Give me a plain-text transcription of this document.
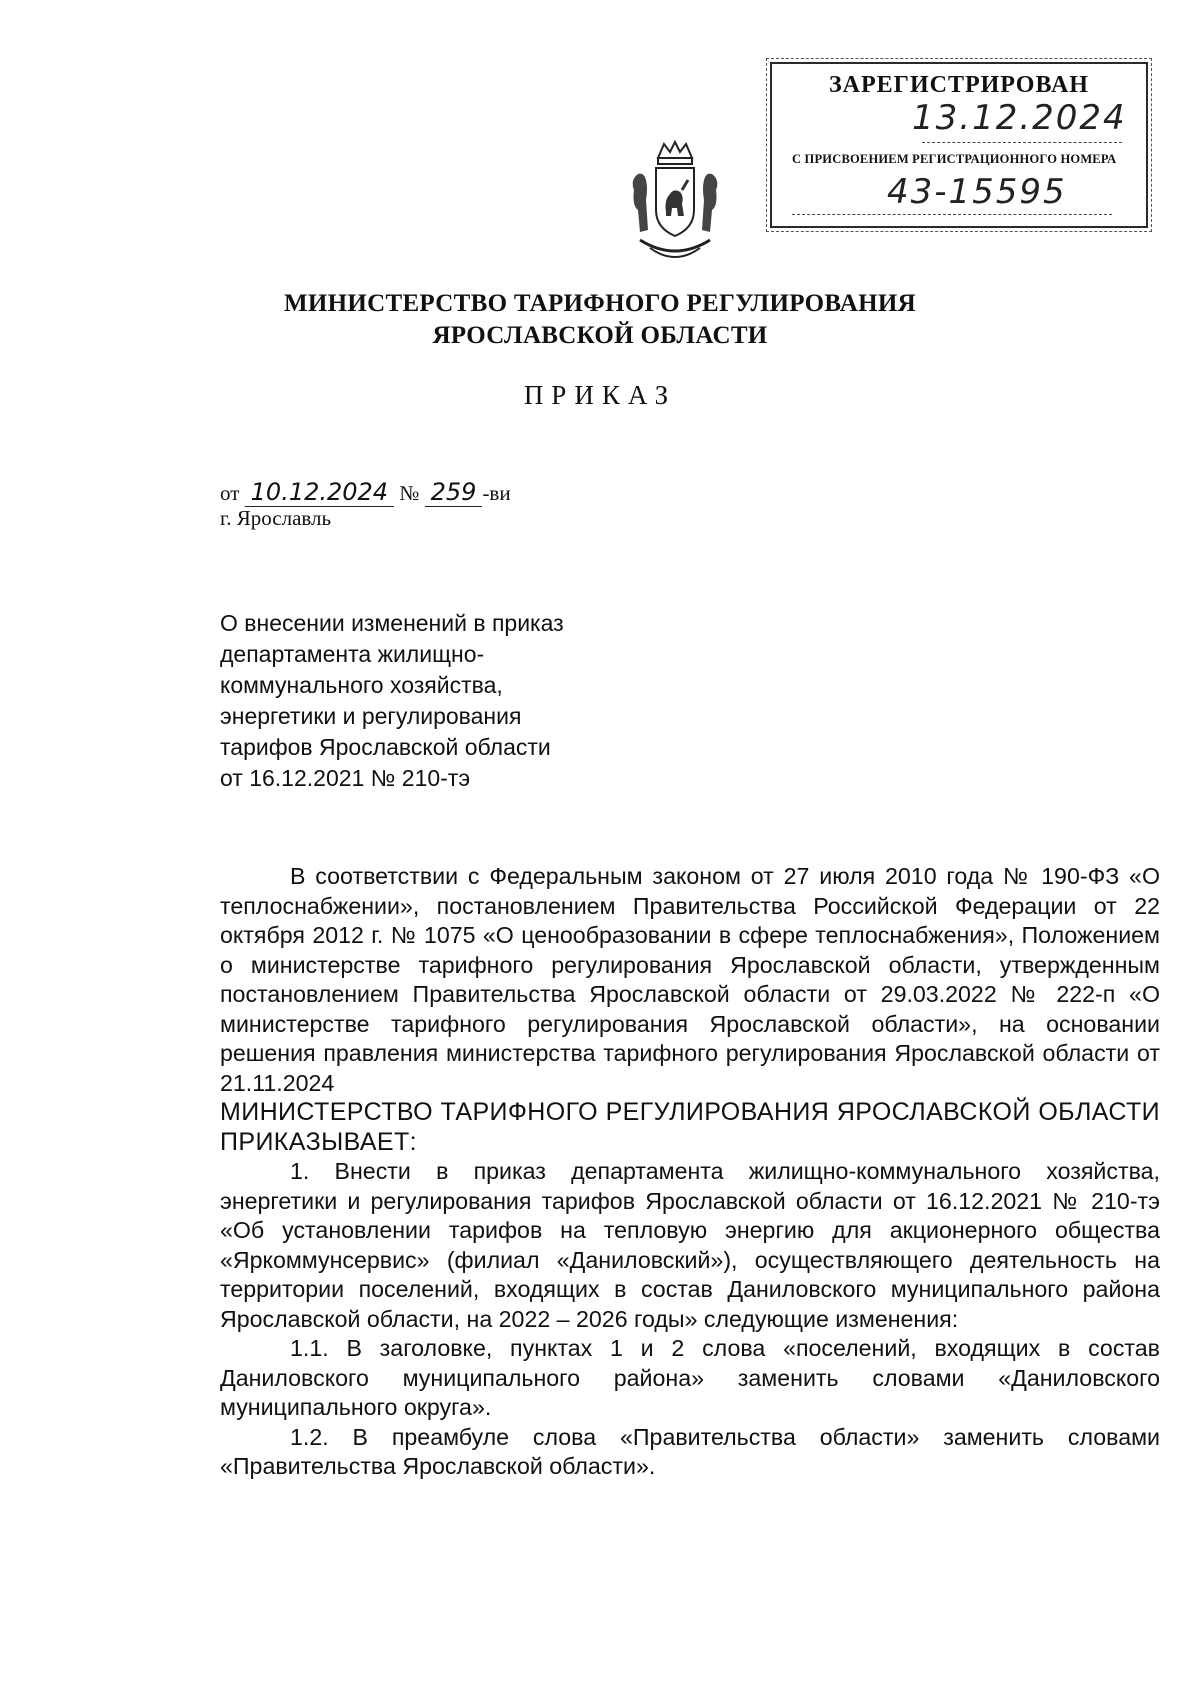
ЗАРЕГИСТРИРОВАН
13.12.2024
С ПРИСВОЕНИЕМ РЕГИСТРАЦИОННОГО НОМЕРА
43-15595
МИНИСТЕРСТВО ТАРИФНОГО РЕГУЛИРОВАНИЯ
ЯРОСЛАВСКОЙ ОБЛАСТИ
ПРИКАЗ
от 10.12.2024 № 259 -ви
г. Ярославль
О внесении изменений в приказ
департамента жилищно-
коммунального хозяйства,
энергетики и регулирования
тарифов Ярославской области
от 16.12.2021 № 210-тэ

В соответствии с Федеральным законом от 27 июля 2010 года № 190-ФЗ «О теплоснабжении», постановлением Правительства Российской Федерации от 22 октября 2012 г. № 1075 «О ценообразовании в сфере теплоснабжения», Положением о министерстве тарифного регулирования Ярославской области, утвержденным постановлением Правительства Ярославской области от 29.03.2022 № 222-п «О министерстве тарифного регулирования Ярославской области», на основании решения правления министерства тарифного регулирования Ярославской области от 21.11.2024

МИНИСТЕРСТВО ТАРИФНОГО РЕГУЛИРОВАНИЯ ЯРОСЛАВСКОЙ ОБЛАСТИ ПРИКАЗЫВАЕТ:

1. Внести в приказ департамента жилищно-коммунального хозяйства, энергетики и регулирования тарифов Ярославской области от 16.12.2021 № 210-тэ «Об установлении тарифов на тепловую энергию для акционерного общества «Яркоммунсервис» (филиал «Даниловский»), осуществляющего деятельность на территории поселений, входящих в состав Даниловского муниципального района Ярославской области, на 2022 – 2026 годы» следующие изменения:

1.1. В заголовке, пунктах 1 и 2 слова «поселений, входящих в состав Даниловского муниципального района» заменить словами «Даниловского муниципального округа».

1.2. В преамбуле слова «Правительства области» заменить словами «Правительства Ярославской области».
